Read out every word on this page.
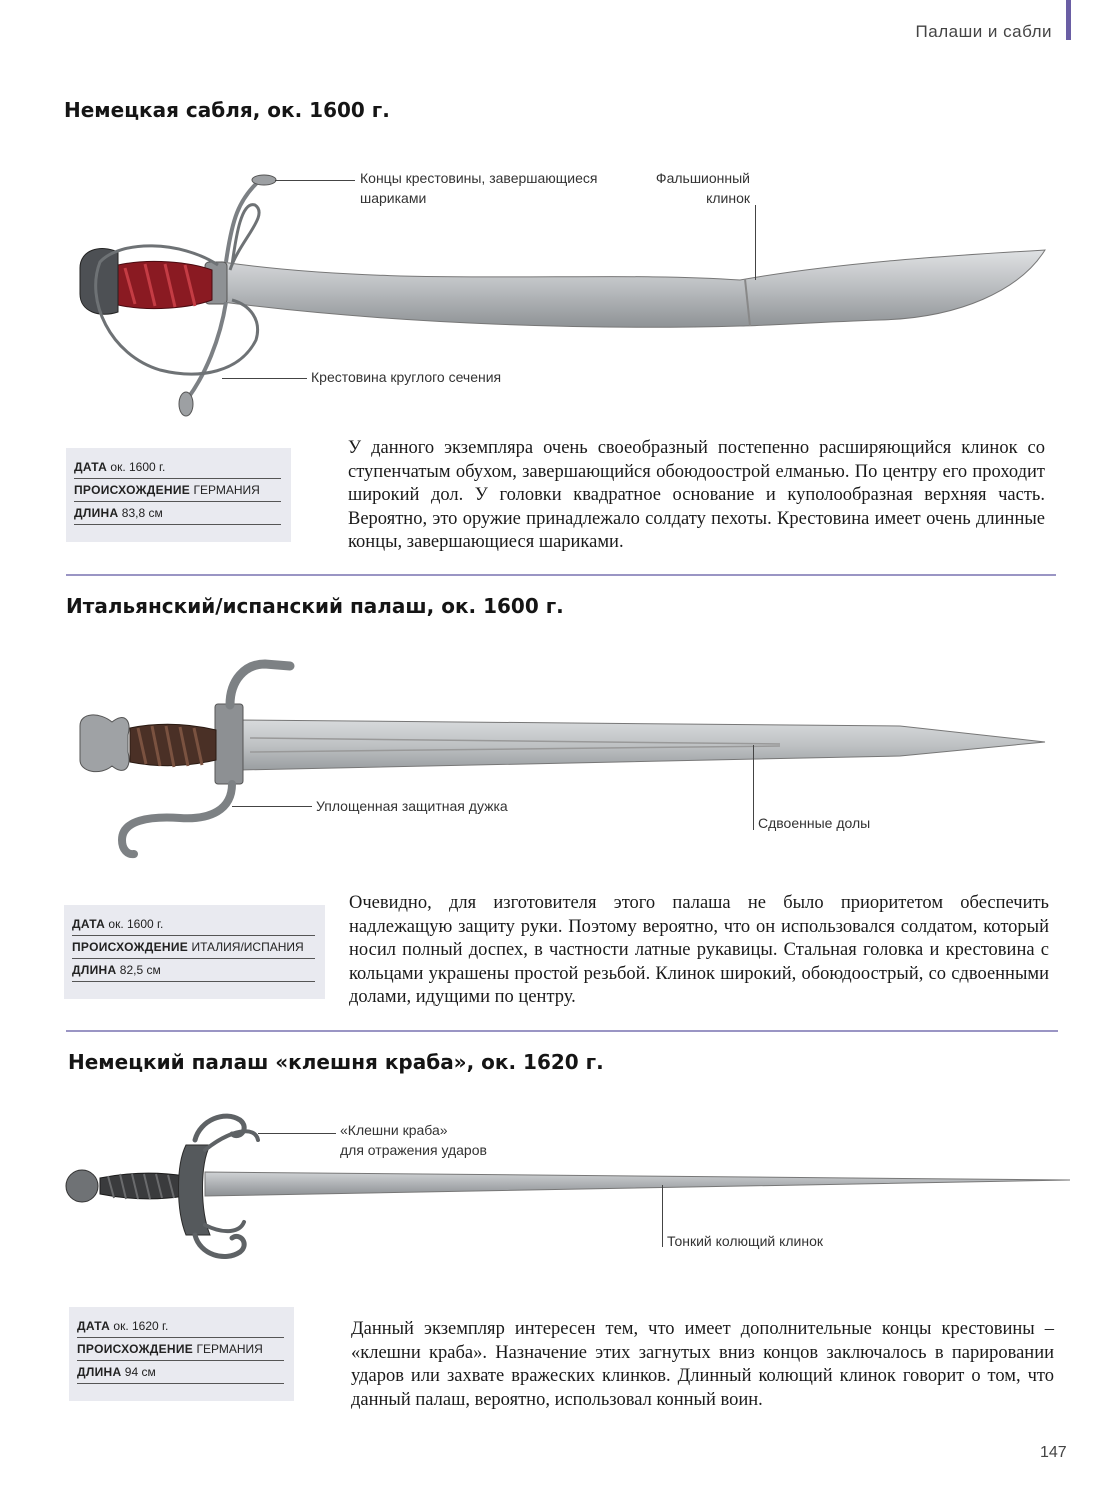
Палаши и сабли
Немецкая сабля, ок. 1600 г.
Концы крестовины, завершающиеся шариками
Фальшионный клинок
Крестовина круглого сечения
ДАТА ок. 1600 г.
ПРОИСХОЖДЕНИЕ ГЕРМАНИЯ
ДЛИНА 83,8 см
У данного экземпляра очень своеобразный постепенно расширяющийся клинок со ступенчатым обухом, завершающийся обоюдоострой елманью. По центру его проходит широкий дол. У головки квадратное основание и куполообразная верхняя часть. Вероятно, это оружие принадлежало солдату пехоты. Крестовина имеет очень длинные концы, завершающиеся шариками.
Итальянский/испанский палаш, ок. 1600 г.
Уплощенная защитная дужка
Сдвоенные долы
ДАТА ок. 1600 г.
ПРОИСХОЖДЕНИЕ ИТАЛИЯ/ИСПАНИЯ
ДЛИНА 82,5 см
Очевидно, для изготовителя этого палаша не было приоритетом обеспечить надлежащую защиту руки. Поэтому вероятно, что он использовался солдатом, который носил полный доспех, в частности латные рукавицы. Стальная головка и крестовина с кольцами украшены простой резьбой. Клинок широкий, обоюдоострый, со сдвоенными долами, идущими по центру.
Немецкий палаш «клешня краба», ок. 1620 г.
«Клешни краба»
для отражения ударов
Тонкий колющий клинок
ДАТА ок. 1620 г.
ПРОИСХОЖДЕНИЕ ГЕРМАНИЯ
ДЛИНА 94 см
Данный экземпляр интересен тем, что имеет дополнительные концы крестовины – «клешни краба». Назначение этих загнутых вниз концов заключалось в парировании ударов или захвате вражеских клинков. Длинный колющий клинок говорит о том, что данный палаш, вероятно, использовал конный воин.
147
